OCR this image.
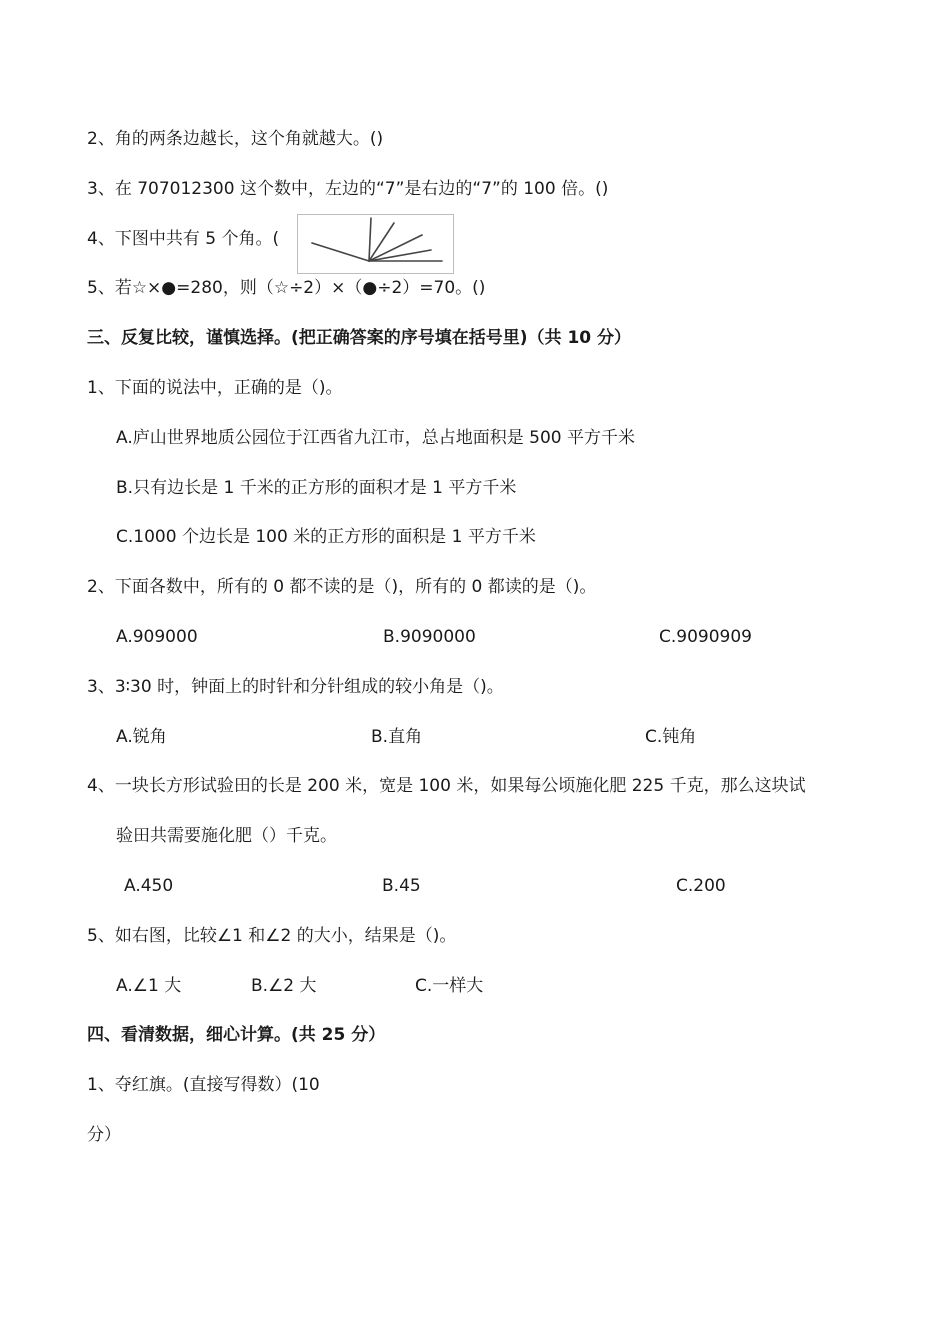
2、角的两条边越长，这个角就越大。()
3、在 707012300 这个数中，左边的“7”是右边的“7”的 100 倍。()
4、下图中共有 5 个角。(
5、若☆×●=280，则（☆÷2）×（●÷2）=70。()
三、反复比较，谨慎选择。(把正确答案的序号填在括号里)（共 10 分）
1、下面的说法中，正确的是（)。
A.庐山世界地质公园位于江西省九江市，总占地面积是 500 平方千米
B.只有边长是 1 千米的正方形的面积才是 1 平方千米
C.1000 个边长是 100 米的正方形的面积是 1 平方千米
2、下面各数中，所有的 0 都不读的是（)，所有的 0 都读的是（)。
A.909000	B.9090000	C.9090909
3、3∶30 时，钟面上的时针和分针组成的较小角是（)。
A.锐角	B.直角	C.钝角
4、一块长方形试验田的长是 200 米，宽是 100 米，如果每公顷施化肥 225 千克，那么这块试
验田共需要施化肥（）千克。
A.450	B.45	C.200
5、如右图，比较∠1 和∠2 的大小，结果是（)。
A.∠1 大	B.∠2 大	C.一样大
四、看清数据，细心计算。(共 25 分）
1、夺红旗。(直接写得数）(10
分）
